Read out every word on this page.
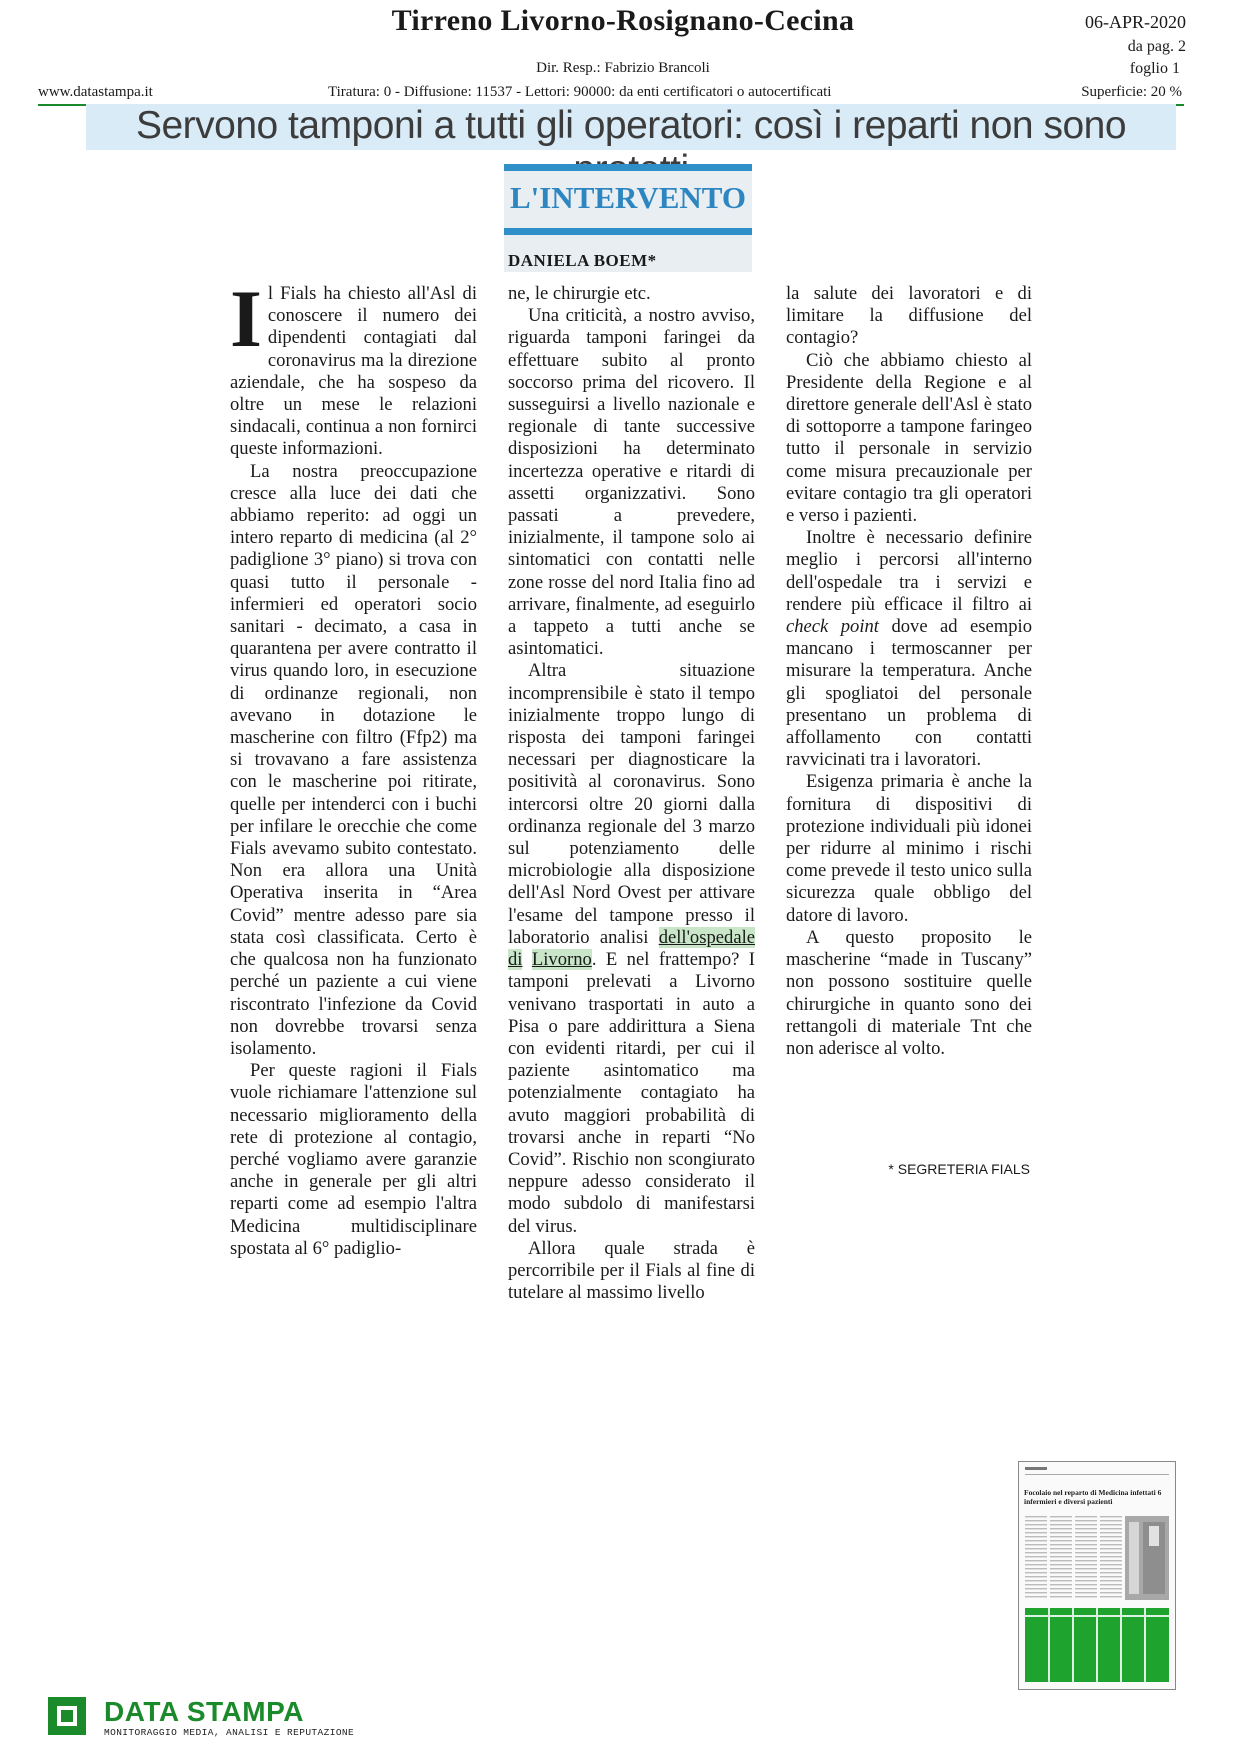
Tirreno Livorno-Rosignano-Cecina	06-APR-2020
da pag. 2
foglio 1
Dir. Resp.: Fabrizio Brancoli
www.datastampa.it	Tiratura: 0 - Diffusione: 11537 - Lettori: 90000: da enti certificatori o autocertificati	Superficie: 20 %
Servono tamponi a tutti gli operatori: così i reparti non sono
L'INTERVENTO
DANIELA BOEM*

Il Fials ha chiesto all'Asl di conoscere il numero dei dipendenti contagiati dal coronavirus ma la direzione aziendale, che ha sospeso da oltre un mese le relazioni sindacali, continua a non fornirci queste informazioni.

La nostra preoccupazione cresce alla luce dei dati che abbiamo reperito: ad oggi un intero reparto di medicina (al 2° padiglione 3° piano) si trova con quasi tutto il personale - infermieri ed operatori socio sanitari - decimato, a casa in quarantena per avere contratto il virus quando loro, in esecuzione di ordinanze regionali, non avevano in dotazione le mascherine con filtro (Ffp2) ma si trovavano a fare assistenza con le mascherine poi ritirate, quelle per intenderci con i buchi per infilare le orecchie che come Fials avevamo subito contestato. Non era allora una Unità Operativa inserita in “Area Covid” mentre adesso pare sia stata così classificata. Certo è che qualcosa non ha funzionato perché un paziente a cui viene riscontrato l'infezione da Covid non dovrebbe trovarsi senza isolamento.

Per queste ragioni il Fials vuole richiamare l'attenzione sul necessario miglioramento della rete di protezione al contagio, perché vogliamo avere garanzie anche in generale per gli altri reparti come ad esempio l'altra Medicina multidisciplinare spostata al 6° padiglio-

ne, le chirurgie etc.

Una criticità, a nostro avviso, riguarda tamponi faringei da effettuare subito al pronto soccorso prima del ricovero. Il susseguirsi a livello nazionale e regionale di tante successive disposizioni ha determinato incertezza operative e ritardi di assetti organizzativi. Sono passati a prevedere, inizialmente, il tampone solo ai sintomatici con contatti nelle zone rosse del nord Italia fino ad arrivare, finalmente, ad eseguirlo a tappeto a tutti anche se asintomatici.

Altra situazione incomprensibile è stato il tempo inizialmente troppo lungo di risposta dei tamponi faringei necessari per diagnosticare la positività al coronavirus. Sono intercorsi oltre 20 giorni dalla ordinanza regionale del 3 marzo sul potenziamento delle microbiologie alla disposizione dell'Asl Nord Ovest per attivare l'esame del tampone presso il laboratorio analisi dell'ospedale di Livorno. E nel frattempo? I tamponi prelevati a Livorno venivano trasportati in auto a Pisa o pare addirittura a Siena con evidenti ritardi, per cui il paziente asintomatico ma potenzialmente contagiato ha avuto maggiori probabilità di trovarsi anche in reparti “No Covid”. Rischio non scongiurato neppure adesso considerato il modo subdolo di manifestarsi del virus.

Allora quale strada è percorribile per il Fials al fine di tutelare al massimo livello

la salute dei lavoratori e di limitare la diffusione del contagio?

Ciò che abbiamo chiesto al Presidente della Regione e al direttore generale dell'Asl è stato di sottoporre a tampone faringeo tutto il personale in servizio come misura precauzionale per evitare contagio tra gli operatori e verso i pazienti.

Inoltre è necessario definire meglio i percorsi all'interno dell'ospedale tra i servizi e rendere più efficace il filtro ai check point dove ad esempio mancano i termoscanner per misurare la temperatura. Anche gli spogliatoi del personale presentano un problema di affollamento con contatti ravvicinati tra i lavoratori.

Esigenza primaria è anche la fornitura di dispositivi di protezione individuali più idonei per ridurre al minimo i rischi come prevede il testo unico sulla sicurezza quale obbligo del datore di lavoro.

A questo proposito le mascherine “made in Tuscany” non possono sostituire quelle chirurgiche in quanto sono dei rettangoli di materiale Tnt che non aderisce al volto.

* SEGRETERIA FIALS
Focolaio nel reparto di Medicina infettati 6 infermieri e diversi pazienti
DATA STAMPA
MONITORAGGIO MEDIA, ANALISI E REPUTAZIONE
